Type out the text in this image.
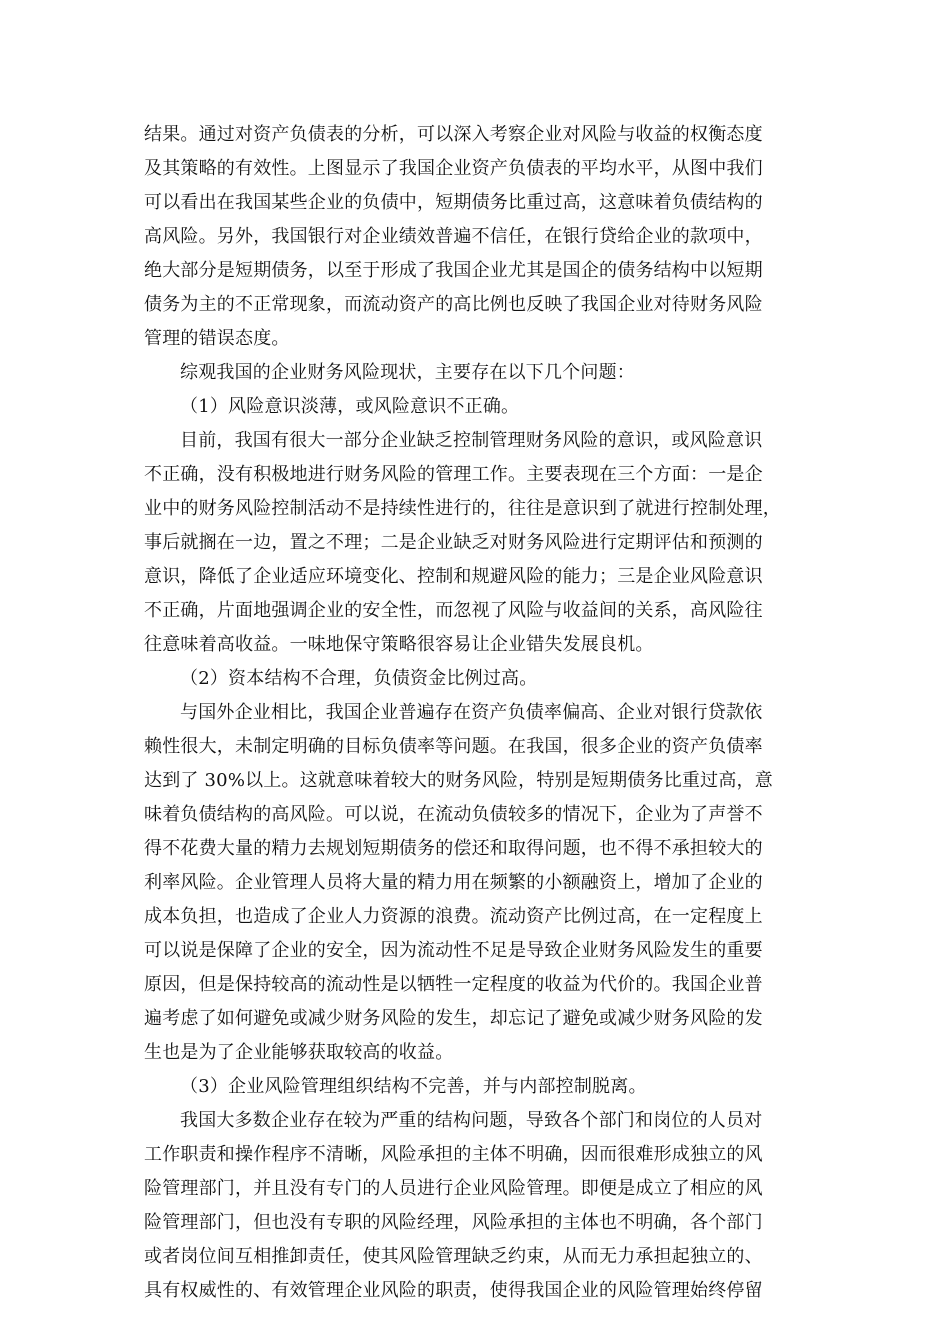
结果。通过对资产负债表的分析，可以深入考察企业对风险与收益的权衡态度
及其策略的有效性。上图显示了我国企业资产负债表的平均水平，从图中我们
可以看出在我国某些企业的负债中，短期债务比重过高，这意味着负债结构的
高风险。另外，我国银行对企业绩效普遍不信任，在银行贷给企业的款项中，
绝大部分是短期债务，以至于形成了我国企业尤其是国企的债务结构中以短期
债务为主的不正常现象，而流动资产的高比例也反映了我国企业对待财务风险
管理的错误态度。
综观我国的企业财务风险现状，主要存在以下几个问题：
（1）风险意识淡薄，或风险意识不正确。
目前，我国有很大一部分企业缺乏控制管理财务风险的意识，或风险意识
不正确，没有积极地进行财务风险的管理工作。主要表现在三个方面：一是企
业中的财务风险控制活动不是持续性进行的，往往是意识到了就进行控制处理，
事后就搁在一边，置之不理；二是企业缺乏对财务风险进行定期评估和预测的
意识，降低了企业适应环境变化、控制和规避风险的能力；三是企业风险意识
不正确，片面地强调企业的安全性，而忽视了风险与收益间的关系，高风险往
往意味着高收益。一味地保守策略很容易让企业错失发展良机。
（2）资本结构不合理，负债资金比例过高。
与国外企业相比，我国企业普遍存在资产负债率偏高、企业对银行贷款依
赖性很大，未制定明确的目标负债率等问题。在我国，很多企业的资产负债率
达到了 30%以上。这就意味着较大的财务风险，特别是短期债务比重过高，意
味着负债结构的高风险。可以说，在流动负债较多的情况下，企业为了声誉不
得不花费大量的精力去规划短期债务的偿还和取得问题，也不得不承担较大的
利率风险。企业管理人员将大量的精力用在频繁的小额融资上，增加了企业的
成本负担，也造成了企业人力资源的浪费。流动资产比例过高，在一定程度上
可以说是保障了企业的安全，因为流动性不足是导致企业财务风险发生的重要
原因，但是保持较高的流动性是以牺牲一定程度的收益为代价的。我国企业普
遍考虑了如何避免或减少财务风险的发生，却忘记了避免或减少财务风险的发
生也是为了企业能够获取较高的收益。
（3）企业风险管理组织结构不完善，并与内部控制脱离。
我国大多数企业存在较为严重的结构问题，导致各个部门和岗位的人员对
工作职责和操作程序不清晰，风险承担的主体不明确，因而很难形成独立的风
险管理部门，并且没有专门的人员进行企业风险管理。即便是成立了相应的风
险管理部门，但也没有专职的风险经理，风险承担的主体也不明确，各个部门
或者岗位间互相推卸责任，使其风险管理缺乏约束，从而无力承担起独立的、
具有权威性的、有效管理企业风险的职责，使得我国企业的风险管理始终停留
